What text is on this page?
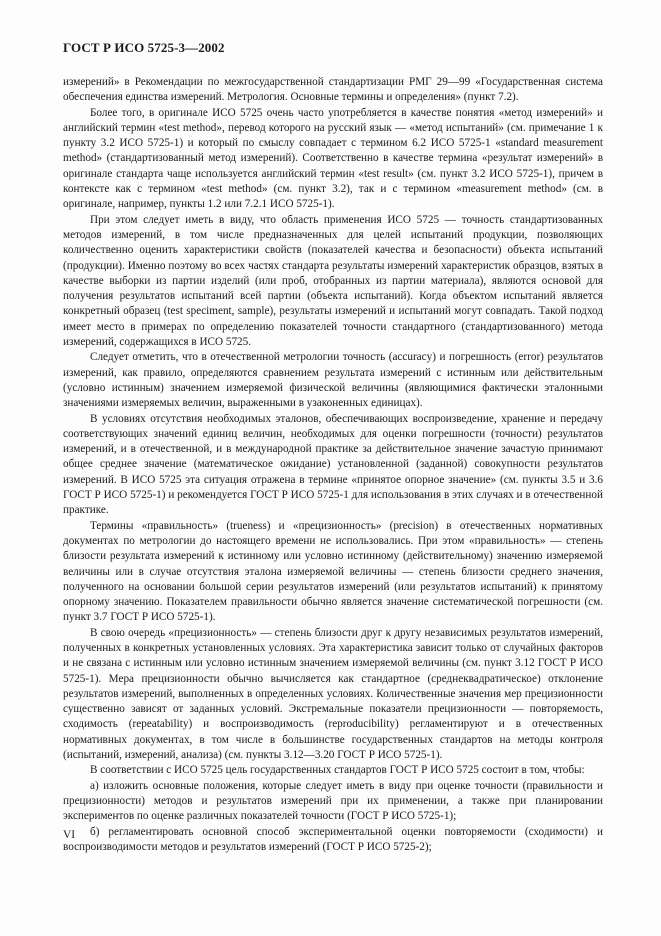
ГОСТ Р ИСО 5725-3—2002

измерений» в Рекомендации по межгосударственной стандартизации РМГ 29—99 «Государственная система обеспечения единства измерений. Метрология. Основные термины и определения» (пункт 7.2).

Более того, в оригинале ИСО 5725 очень часто употребляется в качестве понятия «метод измерений» и английский термин «test method», перевод которого на русский язык — «метод испытаний» (см. примечание 1 к пункту 3.2 ИСО 5725-1) и который по смыслу совпадает с термином 6.2 ИСО 5725-1 «standard measurement method» (стандартизованный метод измерений). Соответственно в качестве термина «результат измерений» в оригинале стандарта чаще используется английский термин «test result» (см. пункт 3.2 ИСО 5725-1), причем в контексте как с термином «test method» (см. пункт 3.2), так и с термином «measurement method» (см. в оригинале, например, пункты 1.2 или 7.2.1 ИСО 5725-1).

При этом следует иметь в виду, что область применения ИСО 5725 — точность стандартизованных методов измерений, в том числе предназначенных для целей испытаний продукции, позволяющих количественно оценить характеристики свойств (показателей качества и безопасности) объекта испытаний (продукции). Именно поэтому во всех частях стандарта результаты измерений характеристик образцов, взятых в качестве выборки из партии изделий (или проб, отобранных из партии материала), являются основой для получения результатов испытаний всей партии (объекта испытаний). Когда объектом испытаний является конкретный образец (test speciment, sample), результаты измерений и испытаний могут совпадать. Такой подход имеет место в примерах по определению показателей точности стандартного (стандартизованного) метода измерений, содержащихся в ИСО 5725.

Следует отметить, что в отечественной метрологии точность (accuracy) и погрешность (error) результатов измерений, как правило, определяются сравнением результата измерений с истинным или действительным (условно истинным) значением измеряемой физической величины (являющимися фактически эталонными значениями измеряемых величин, выраженными в узаконенных единицах).

В условиях отсутствия необходимых эталонов, обеспечивающих воспроизведение, хранение и передачу соответствующих значений единиц величин, необходимых для оценки погрешности (точности) результатов измерений, и в отечественной, и в международной практике за действительное значение зачастую принимают общее среднее значение (математическое ожидание) установленной (заданной) совокупности результатов измерений. В ИСО 5725 эта ситуация отражена в термине «принятое опорное значение» (см. пункты 3.5 и 3.6 ГОСТ Р ИСО 5725-1) и рекомендуется ГОСТ Р ИСО 5725-1 для использования в этих случаях и в отечественной практике.

Термины «правильность» (trueness) и «прецизионность» (precision) в отечественных нормативных документах по метрологии до настоящего времени не использовались. При этом «правильность» — степень близости результата измерений к истинному или условно истинному (действительному) значению измеряемой величины или в случае отсутствия эталона измеряемой величины — степень близости среднего значения, полученного на основании большой серии результатов измерений (или результатов испытаний) к принятому опорному значению. Показателем правильности обычно является значение систематической погрешности (см. пункт 3.7 ГОСТ Р ИСО 5725-1).

В свою очередь «прецизионность» — степень близости друг к другу независимых результатов измерений, полученных в конкретных установленных условиях. Эта характеристика зависит только от случайных факторов и не связана с истинным или условно истинным значением измеряемой величины (см. пункт 3.12 ГОСТ Р ИСО 5725-1). Мера прецизионности обычно вычисляется как стандартное (среднеквадратическое) отклонение результатов измерений, выполненных в определенных условиях. Количественные значения мер прецизионности существенно зависят от заданных условий. Экстремальные показатели прецизионности — повторяемость, сходимость (repeatability) и воспроизводимость (reproducibility) регламентируют и в отечественных нормативных документах, в том числе в большинстве государственных стандартов на методы контроля (испытаний, измерений, анализа) (см. пункты 3.12—3.20 ГОСТ Р ИСО 5725-1).

В соответствии с ИСО 5725 цель государственных стандартов ГОСТ Р ИСО 5725 состоит в том, чтобы:

а) изложить основные положения, которые следует иметь в виду при оценке точности (правильности и прецизионности) методов и результатов измерений при их применении, а также при планировании экспериментов по оценке различных показателей точности (ГОСТ Р ИСО 5725-1);

б) регламентировать основной способ экспериментальной оценки повторяемости (сходимости) и воспроизводимости методов и результатов измерений (ГОСТ Р ИСО 5725-2);

VI
